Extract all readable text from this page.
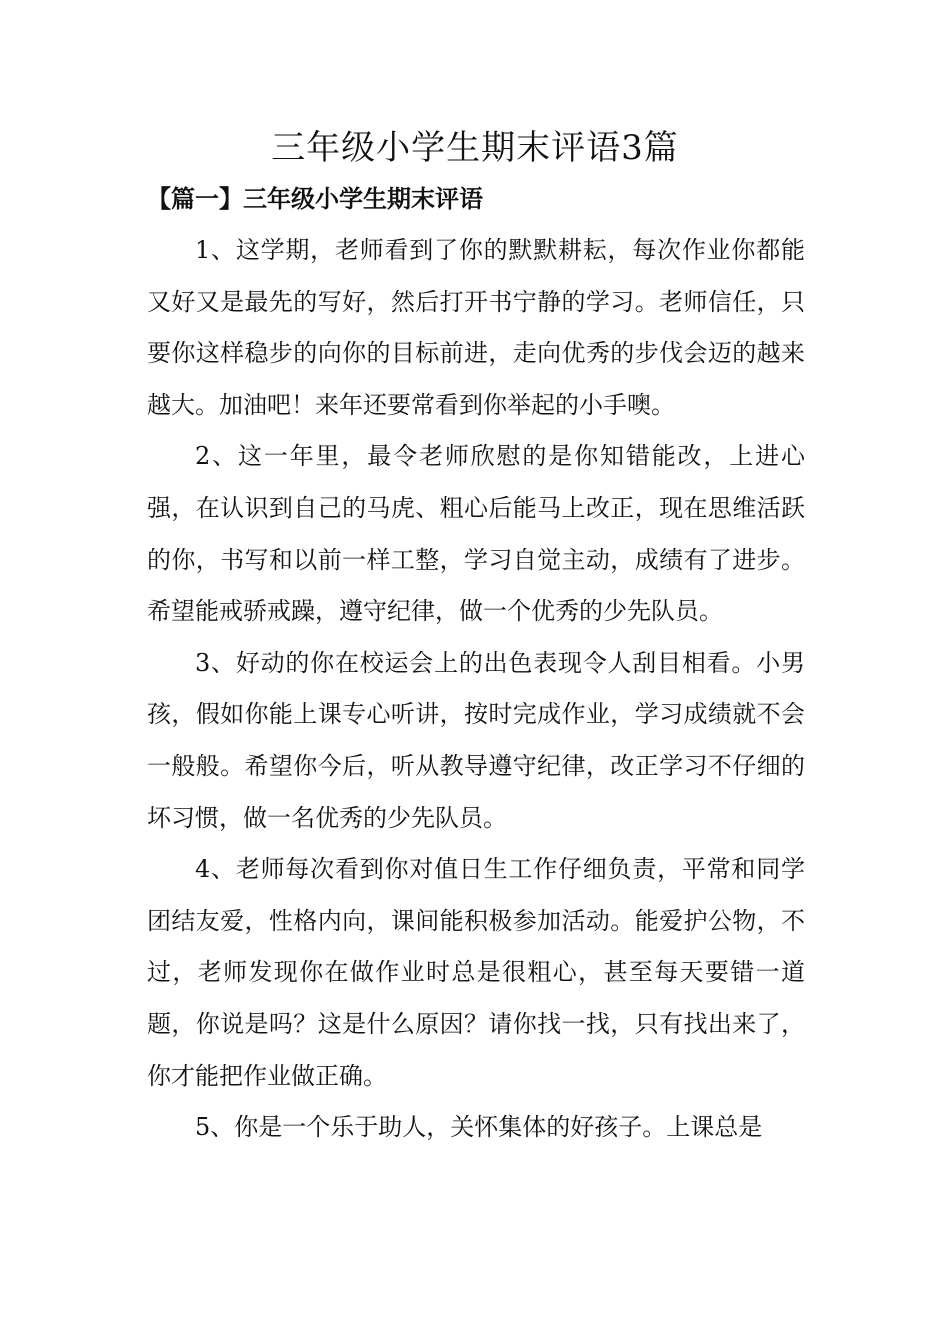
三年级小学生期末评语3篇
【篇一】三年级小学生期末评语

1、这学期，老师看到了你的默默耕耘，每次作业你都能又好又是最先的写好，然后打开书宁静的学习。老师信任，只要你这样稳步的向你的目标前进，走向优秀的步伐会迈的越来越大。加油吧！来年还要常看到你举起的小手噢。

2、这一年里，最令老师欣慰的是你知错能改，上进心强，在认识到自己的马虎、粗心后能马上改正，现在思维活跃的你，书写和以前一样工整，学习自觉主动，成绩有了进步。希望能戒骄戒躁，遵守纪律，做一个优秀的少先队员。

3、好动的你在校运会上的出色表现令人刮目相看。小男孩，假如你能上课专心听讲，按时完成作业，学习成绩就不会一般般。希望你今后，听从教导遵守纪律，改正学习不仔细的坏习惯，做一名优秀的少先队员。

4、老师每次看到你对值日生工作仔细负责，平常和同学团结友爱，性格内向，课间能积极参加活动。能爱护公物，不过，老师发现你在做作业时总是很粗心，甚至每天要错一道题，你说是吗？这是什么原因？请你找一找，只有找出来了，你才能把作业做正确。

5、你是一个乐于助人，关怀集体的好孩子。上课总是
